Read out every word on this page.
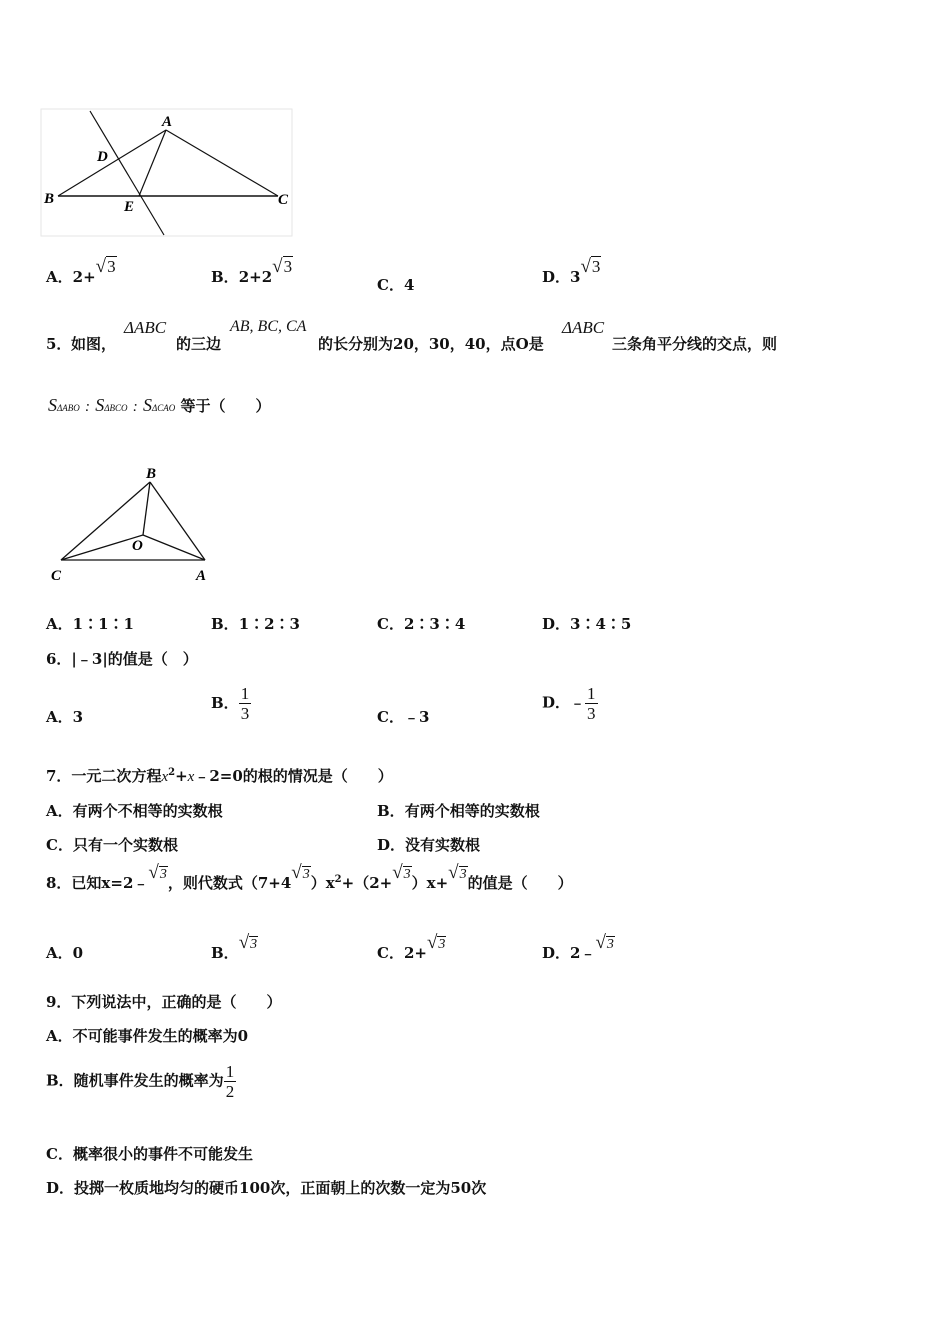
A
D
B	E	C
A．2+√3
B．2+2√3
C．4	D．3√3
5． 如图，
ΔABC
的三边
AB, BC, CA
的长分别为20，30，40，点O是
ΔABC
三条角平分线的交点，则
SΔABO : SΔBCO : SΔCAO 等于（　　）
B
O
C	A
A．1∶1∶1	B．1∶2∶3	C．2∶3∶4	D．3∶4∶5
6．|﹣3|的值是（　）
A．3
B． $\frac{1}{3}$	C．﹣3
D．﹣ $\frac{1}{3}$
7．一元二次方程$x^2+x﹣2=0$的根的情况是（　　）
A．有两个不相等的实数根	B．有两个相等的实数根
C．只有一个实数根	D．没有实数根
8．已知x=2﹣√3，则代数式$(7+4√3)x^2+(2+√3)x+√3$的值是（　　）
A．0	B．√3	C．2+√3	D．2﹣√3
9．下列说法中，正确的是（　　）
A．不可能事件发生的概率为0
B．随机事件发生的概率为 $\frac{1}{2}$
C．概率很小的事件不可能发生
D．投掷一枚质地均匀的硬币100次，正面朝上的次数一定为50次
